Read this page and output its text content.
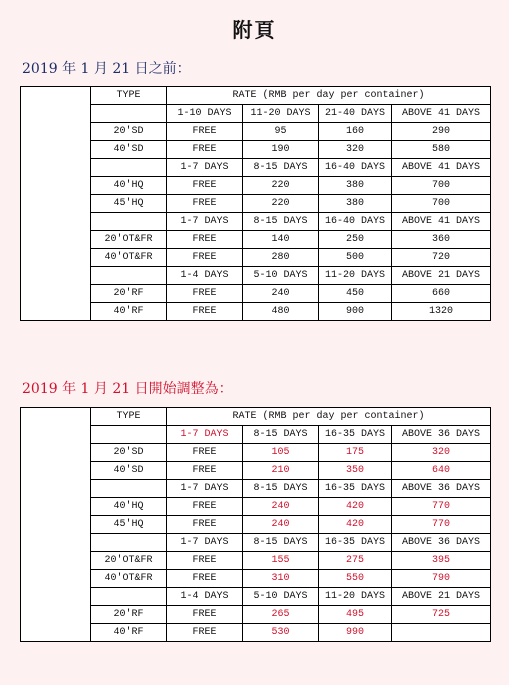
附頁
2019 年 1 月 21 日之前：
	TYPE	RATE (RMB per day per container)			
		1-10 DAYS	11-20 DAYS	21-40 DAYS	ABOVE 41 DAYS
	20'SD	FREE	95	160	290
	40'SD	FREE	190	320	580
		1-7 DAYS	8-15 DAYS	16-40 DAYS	ABOVE 41 DAYS
	40'HQ	FREE	220	380	700
	45'HQ	FREE	220	380	700
		1-7 DAYS	8-15 DAYS	16-40 DAYS	ABOVE 41 DAYS
	20'OT&FR	FREE	140	250	360
	40'OT&FR	FREE	280	500	720
		1-4 DAYS	5-10 DAYS	11-20 DAYS	ABOVE 21 DAYS
	20'RF	FREE	240	450	660
	40'RF	FREE	480	900	1320
2019 年 1 月 21 日開始調整為：
	TYPE	RATE (RMB per day per container)			
		1-7 DAYS	8-15 DAYS	16-35 DAYS	ABOVE 36 DAYS
	20'SD	FREE	105	175	320
	40'SD	FREE	210	350	640
		1-7 DAYS	8-15 DAYS	16-35 DAYS	ABOVE 36 DAYS
	40'HQ	FREE	240	420	770
	45'HQ	FREE	240	420	770
		1-7 DAYS	8-15 DAYS	16-35 DAYS	ABOVE 36 DAYS
	20'OT&FR	FREE	155	275	395
	40'OT&FR	FREE	310	550	790
		1-4 DAYS	5-10 DAYS	11-20 DAYS	ABOVE 21 DAYS
	20'RF	FREE	265	495	725
	40'RF	FREE	530	990	
